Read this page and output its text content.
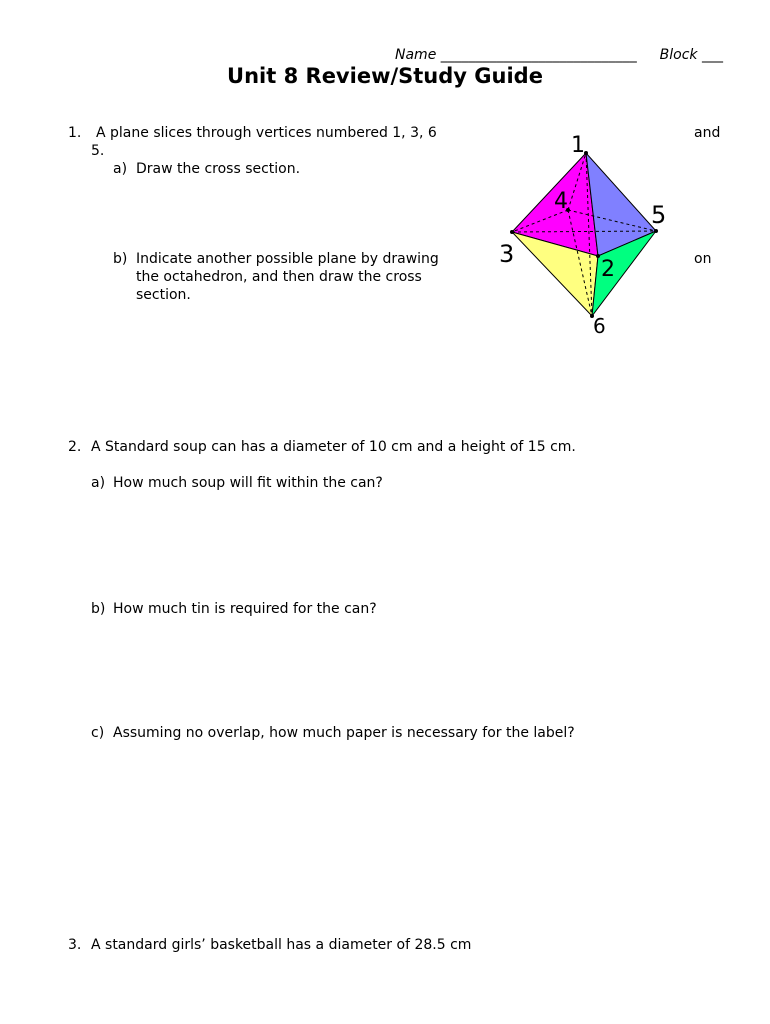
Name ____________________________ Block ___
Unit 8 Review/Study Guide
1. A plane slices through vertices numbered 1, 3, 6	and
5.
a) Draw the cross section.
b) Indicate another possible plane by drawing	on
the octahedron, and then draw the cross
section.
1
2
3
4	5
6
2. A Standard soup can has a diameter of 10 cm and a height of 15 cm.
a) How much soup will fit within the can?
b) How much tin is required for the can?
c) Assuming no overlap, how much paper is necessary for the label?
3. A standard girls’ basketball has a diameter of 28.5 cm
